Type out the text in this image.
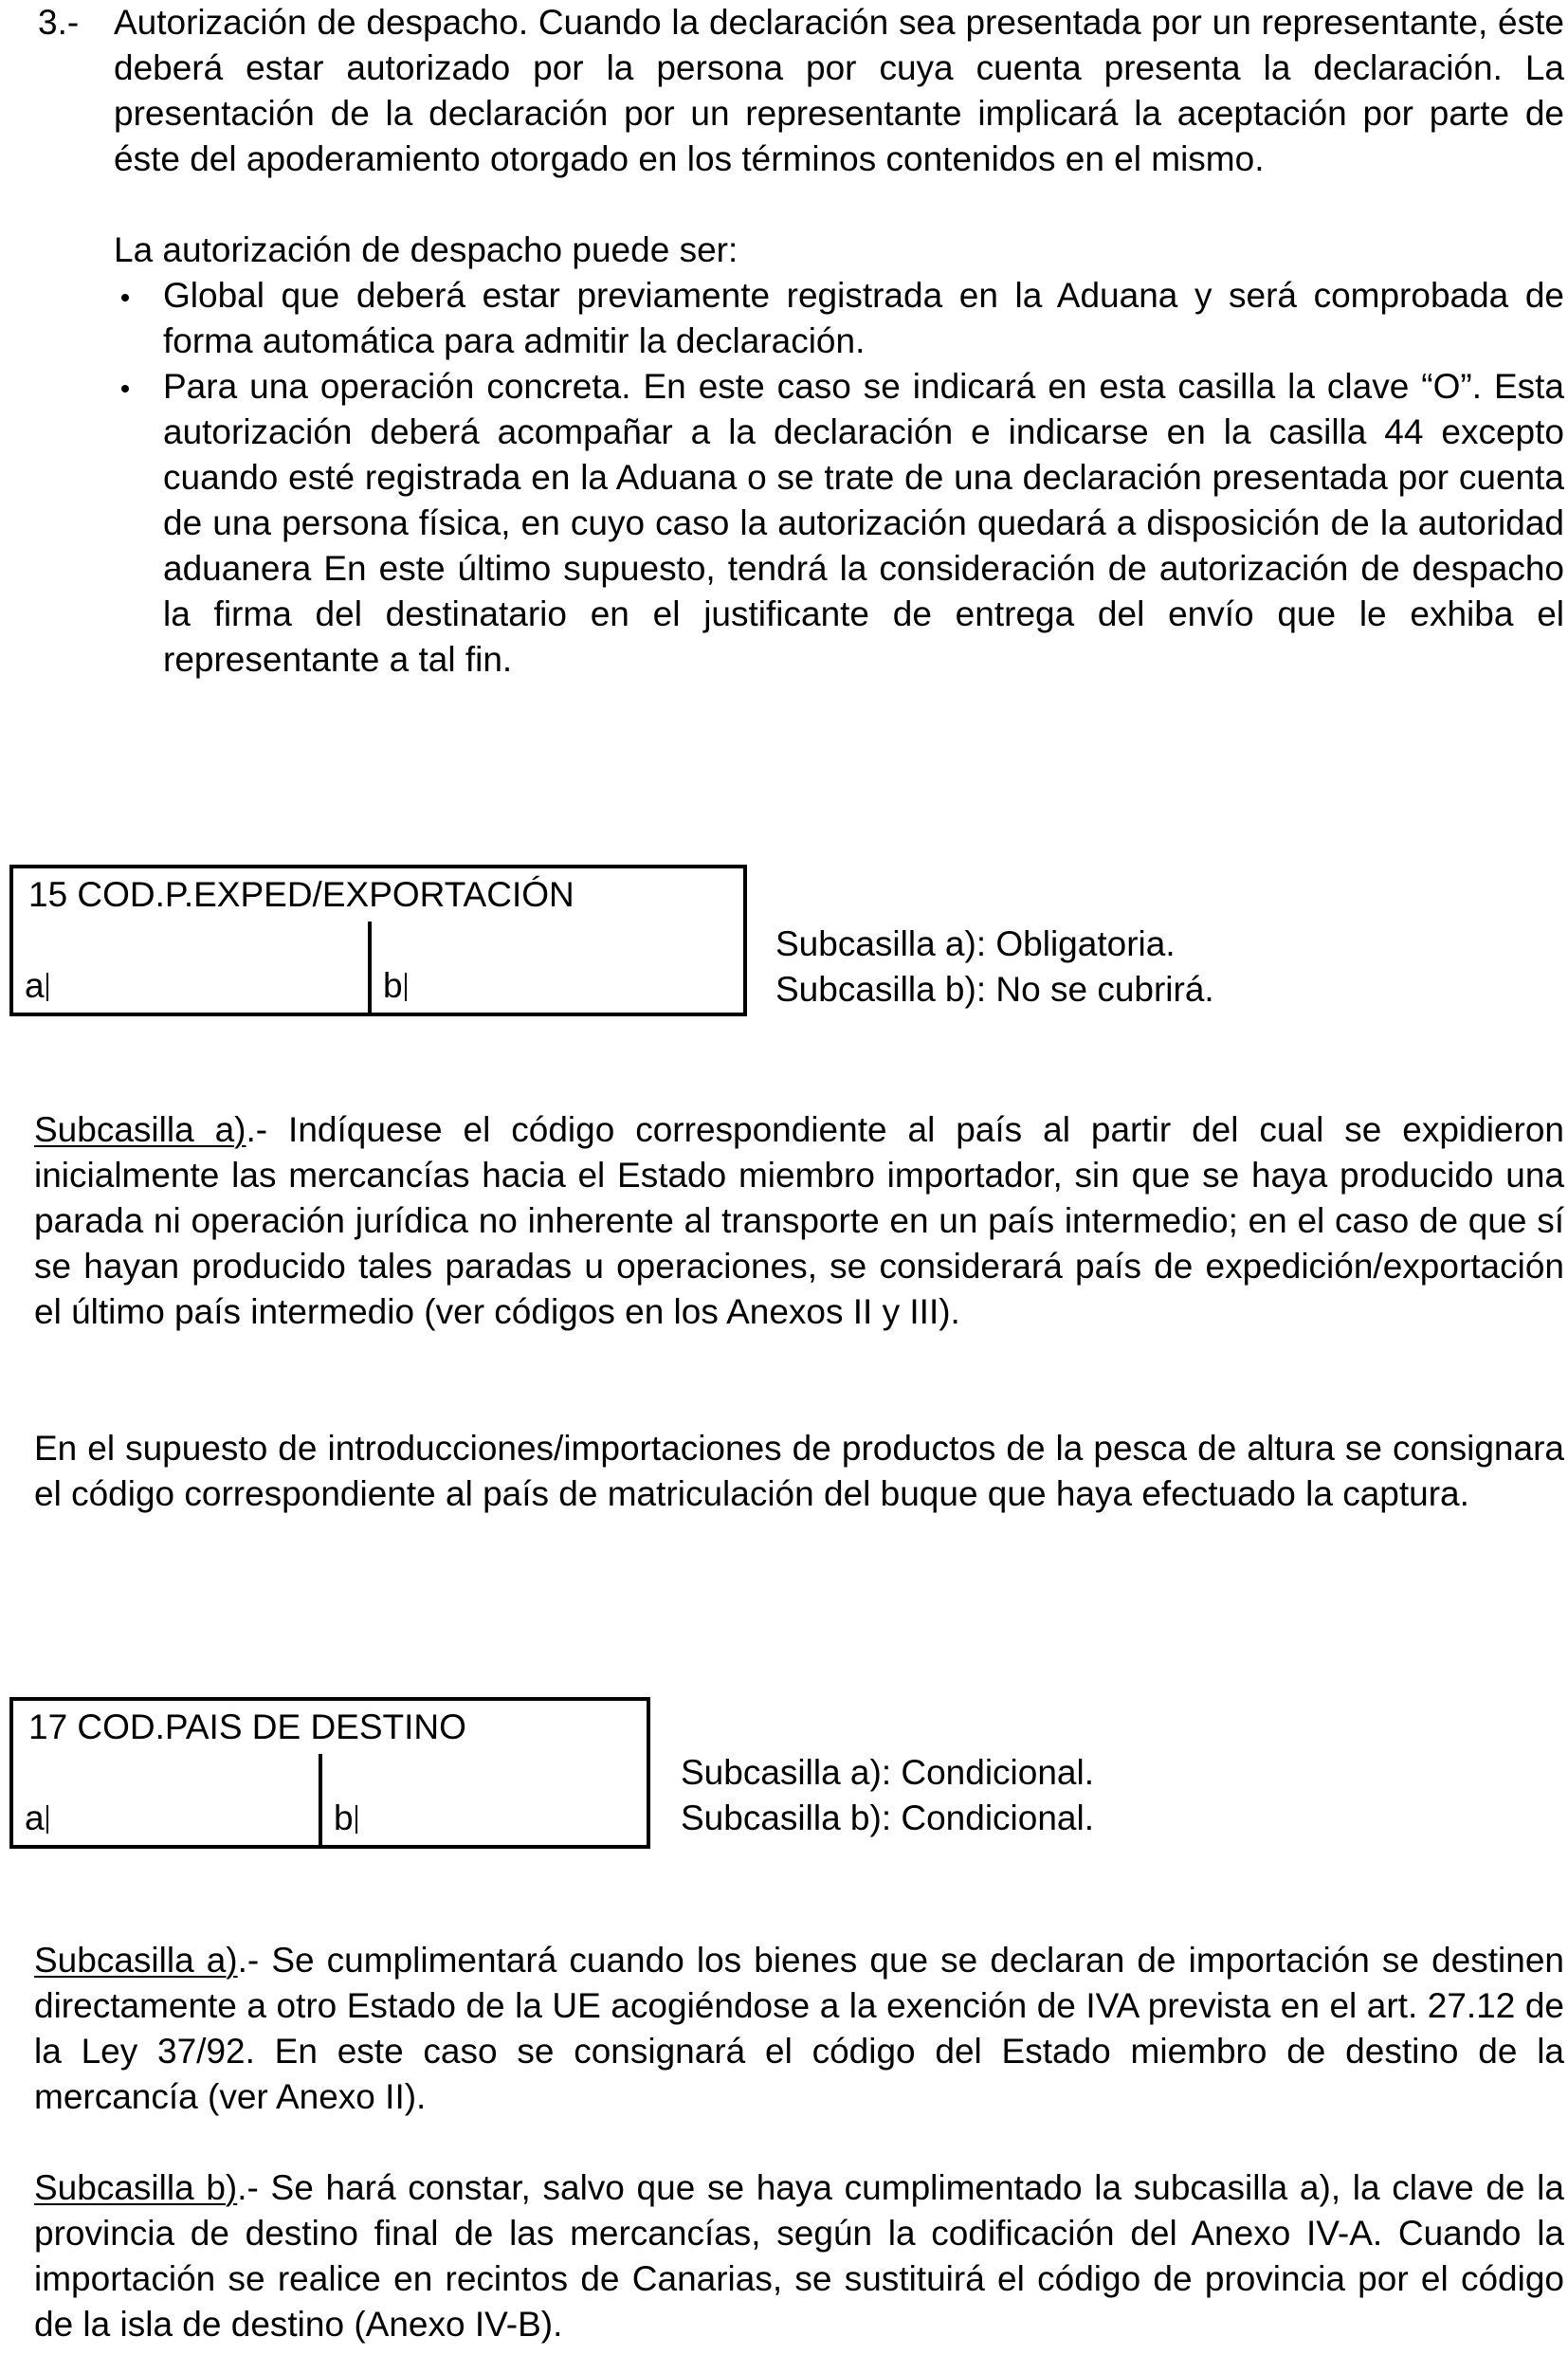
3.- Autorización de despacho. Cuando la declaración sea presentada por un representante, éste deberá estar autorizado por la persona por cuya cuenta presenta la declaración. La presentación de la declaración por un representante implicará la aceptación por parte de éste del apoderamiento otorgado en los términos contenidos en el mismo.

La autorización de despacho puede ser:

Global que deberá estar previamente registrada en la Aduana y será comprobada de forma automática para admitir la declaración.

Para una operación concreta. En este caso se indicará en esta casilla la clave “O”. Esta autorización deberá acompañar a la declaración e indicarse en la casilla 44 excepto cuando esté registrada en la Aduana o se trate de una declaración presentada por cuenta de una persona física, en cuyo caso la autorización quedará a disposición de la autoridad aduanera En este último supuesto, tendrá la consideración de autorización de despacho la firma del destinatario en el justificante de entrega del envío que le exhiba el representante a tal fin.

15 COD.P.EXPED/EXPORTACIÓN
a	b
Subcasilla a): Obligatoria.
Subcasilla b): No se cubrirá.

Subcasilla a).- Indíquese el código correspondiente al país al partir del cual se expidieron inicialmente las mercancías hacia el Estado miembro importador, sin que se haya producido una parada ni operación jurídica no inherente al transporte en un país intermedio; en el caso de que sí se hayan producido tales paradas u operaciones, se considerará país de expedición/exportación el último país intermedio (ver códigos en los Anexos II y III).

En el supuesto de introducciones/importaciones de productos de la pesca de altura se consignara el código correspondiente al país de matriculación del buque que haya efectuado la captura.

17 COD.PAIS DE DESTINO
a	b
Subcasilla a): Condicional.
Subcasilla b): Condicional.

Subcasilla a).- Se cumplimentará cuando los bienes que se declaran de importación se destinen directamente a otro Estado de la UE acogiéndose a la exención de IVA prevista en el art. 27.12 de la Ley 37/92. En este caso se consignará el código del Estado miembro de destino de la mercancía (ver Anexo II).

Subcasilla b).- Se hará constar, salvo que se haya cumplimentado la subcasilla a), la clave de la provincia de destino final de las mercancías, según la codificación del Anexo IV-A. Cuando la importación se realice en recintos de Canarias, se sustituirá el código de provincia por el código de la isla de destino (Anexo IV-B).
